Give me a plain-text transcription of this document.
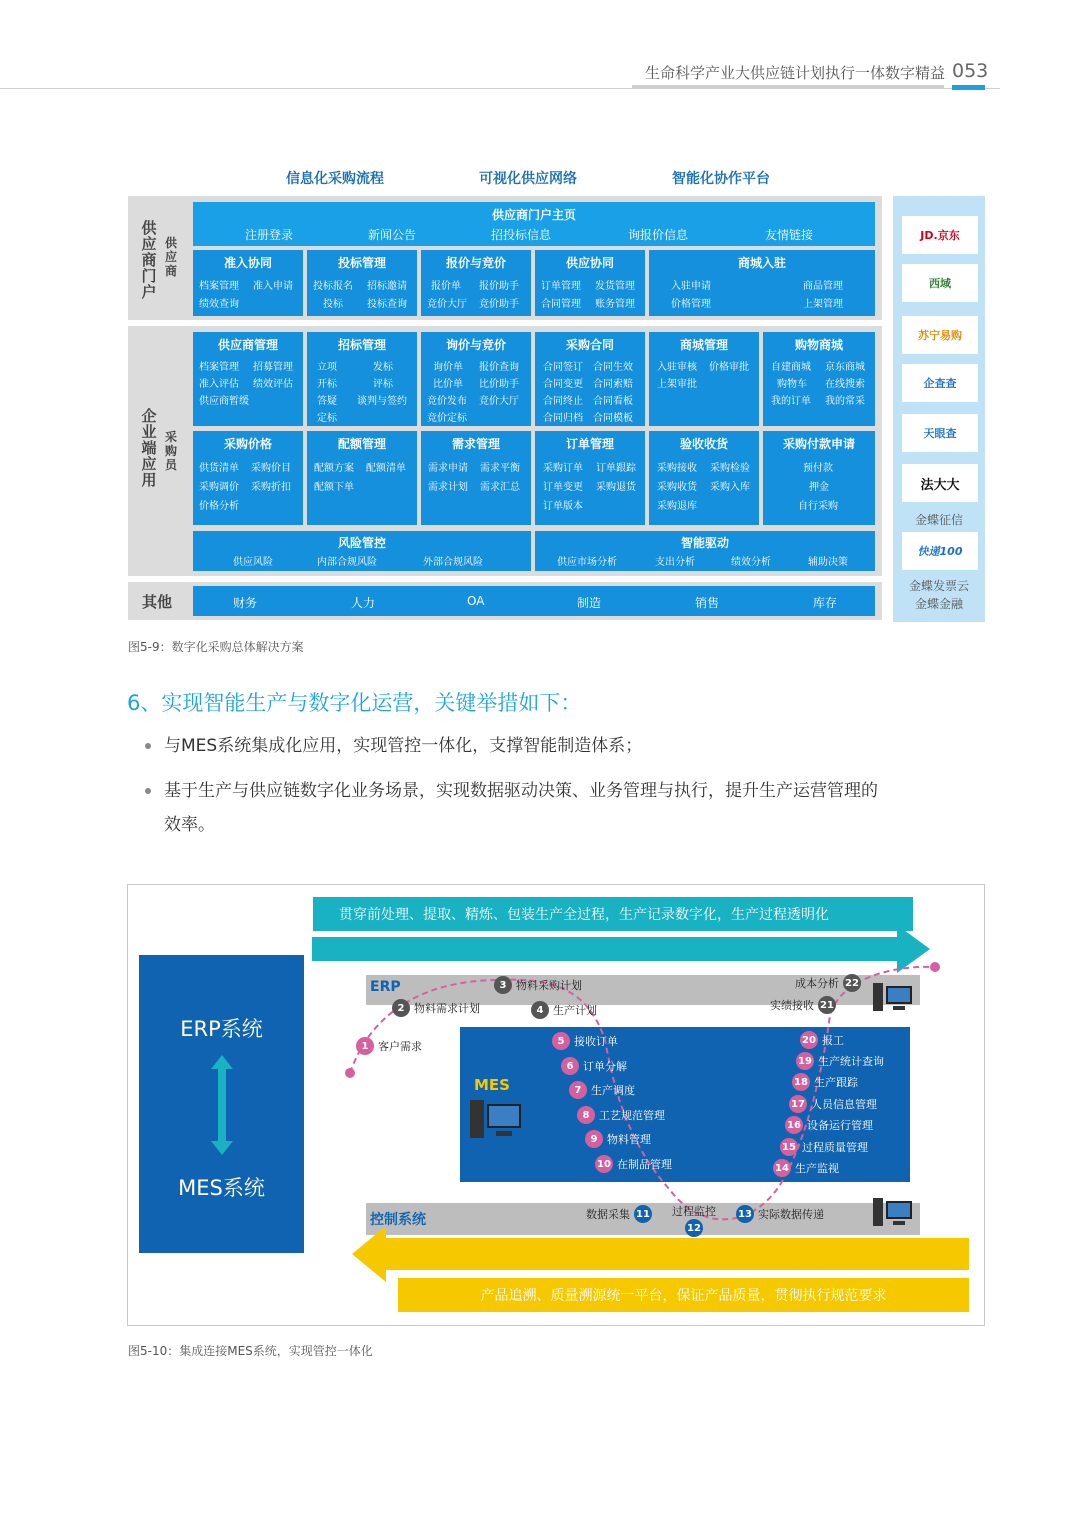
生命科学产业大供应链计划执行一体数字精益 053
信息化采购流程	可视化供应网络	智能化协作平台
供应商门户
供应商
供应商门户主页
注册登录	新闻公告	招投标信息	询报价信息	友情链接
准入协同
档案管理 准入申请
绩效查询
投标管理
投标报名 招标邀请
投标 投标查询
报价与竞价
报价单 报价助手
竞价大厅 竞价助手
供应协同
订单管理 发货管理
合同管理 账务管理
商城入驻
入驻申请	商品管理
价格管理	上架管理
企业端应用
采购员
供应商管理
档案管理 招募管理
准入评估 绩效评估
供应商暂缓
招标管理
立项	发标
开标	评标
答疑 谈判与签约
定标
询价与竞价
询价单 报价查询
比价单 比价助手
竞价发布 竞价大厅
竞价定标
采购合同
合同签订 合同生效
合同变更 合同索赔
合同终止 合同看板
合同归档 合同模板
商城管理
入驻审核 价格审批
上架审批
购物商城
自建商城 京东商城
购物车 在线搜索
我的订单 我的常采
采购价格
供货清单 采购价目
采购调价 采购折扣
价格分析
配额管理
配额方案 配额清单
配额下单
需求管理
需求申请 需求平衡
需求计划 需求汇总
订单管理
采购订单 订单跟踪
订单变更 采购退货
订单版本
验收收货
采购接收 采购检验
采购收货 采购入库
采购退库
采购付款申请
预付款
押金
自行采购
风险管控
供应风险	内部合规风险	外部合规风险
智能驱动
供应市场分析	支出分析	绩效分析	辅助决策
其他	财务	人力	OA	制造	销售	库存
JD.京东
西域
苏宁易购
企查查
天眼查
法大大
金蝶征信
快递100
金蝶发票云
金蝶金融
图5-9：数字化采购总体解决方案
6、实现智能生产与数字化运营，关键举措如下：
与MES系统集成化应用，实现管控一体化，支撑智能制造体系；
基于生产与供应链数字化业务场景，实现数据驱动决策、业务管理与执行，提升生产运营管理的
效率。
贯穿前处理、提取、精炼、包装生产全过程，生产记录数字化，生产过程透明化
ERP系统
MES系统
ERP
MES
控制系统
1 客户需求
2 物料需求计划
3 物料采购计划
4 生产计划
5 接收订单
6 订单分解
7 生产调度
8 工艺规范管理
9 物料管理
10 在制品管理
数据采集 11 过程监控
12
13 实际数据传递
14 生产监视
15 过程质量管理
16 设备运行管理
17 人员信息管理
18 生产跟踪
19 生产统计查询
20 报工
实绩接收 21
成本分析 22
产品追溯、质量溯源统一平台，保证产品质量，贯彻执行规范要求
图5-10：集成连接MES系统，实现管控一体化
